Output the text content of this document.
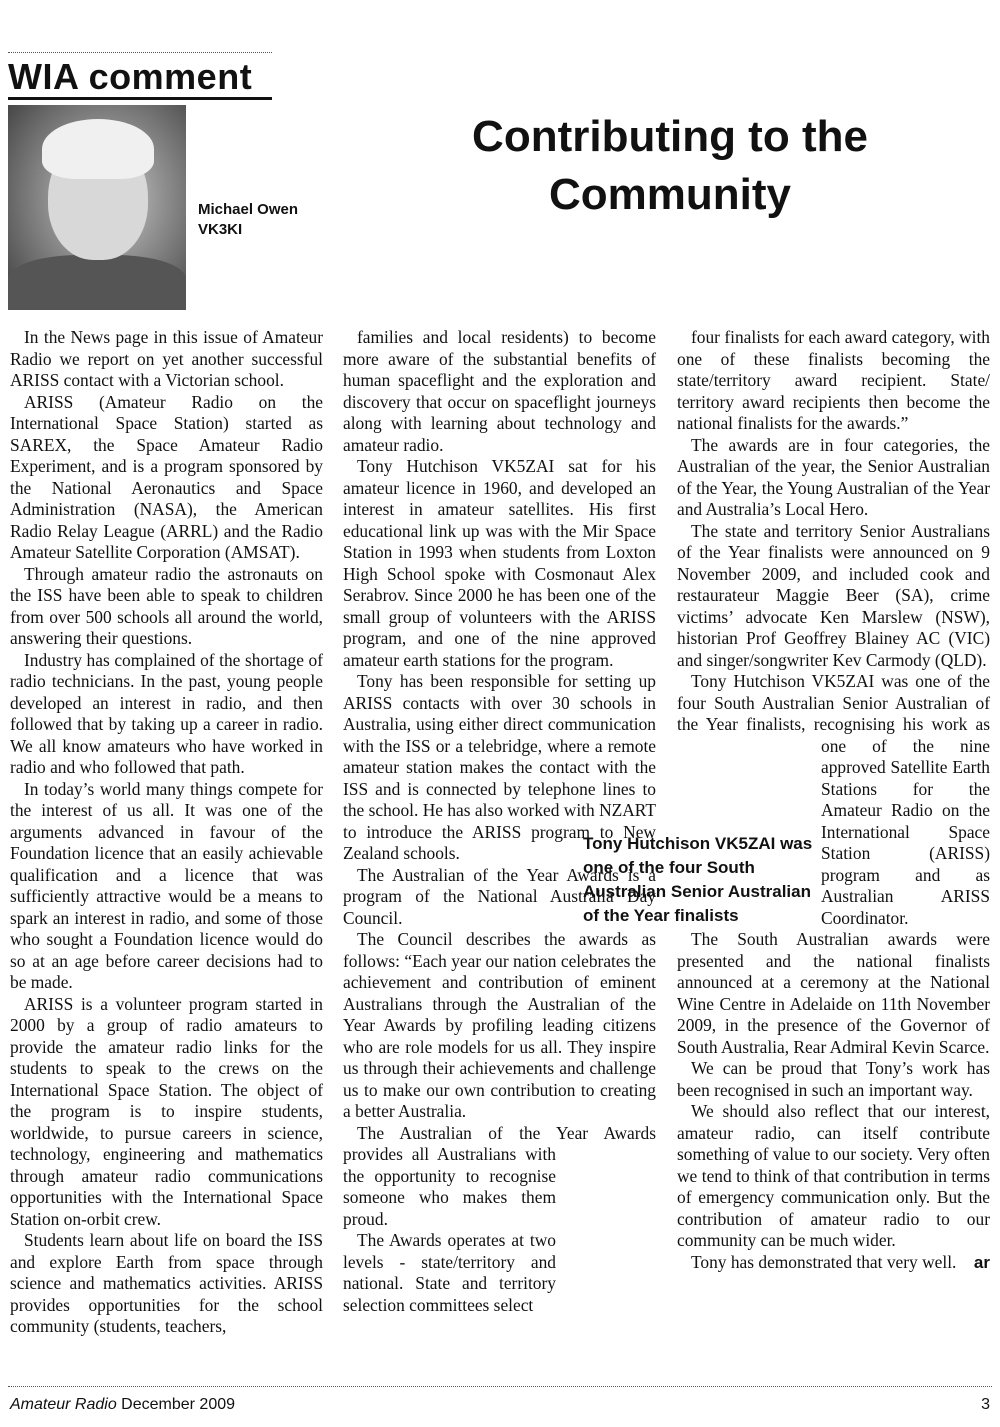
WIA comment
Michael Owen
VK3KI
Contributing to the Community

In the News page in this issue of Amateur Radio we report on yet another successful ARISS contact with a Victorian school.

ARISS (Amateur Radio on the International Space Station) started as SAREX, the Space Amateur Radio Experiment, and is a program sponsored by the National Aeronautics and Space Administration (NASA), the American Radio Relay League (ARRL) and the Radio Amateur Satellite Corporation (AMSAT).

Through amateur radio the astronauts on the ISS have been able to speak to children from over 500 schools all around the world, answering their questions.

Industry has complained of the shortage of radio technicians. In the past, young people developed an interest in radio, and then followed that by taking up a career in radio. We all know amateurs who have worked in radio and who followed that path.

In today’s world many things compete for the interest of us all. It was one of the arguments advanced in favour of the Foundation licence that an easily achievable qualification and a licence that was sufficiently attractive would be a means to spark an interest in radio, and some of those who sought a Foundation licence would do so at an age before career decisions had to be made.

ARISS is a volunteer program started in 2000 by a group of radio amateurs to provide the amateur radio links for the students to speak to the crews on the International Space Station. The object of the program is to inspire students, worldwide, to pursue careers in science, technology, engineering and mathematics through amateur radio communications opportunities with the International Space Station on-orbit crew.

Students learn about life on board the ISS and explore Earth from space through science and mathematics activities. ARISS provides opportunities for the school community (students, teachers,

families and local residents) to become more aware of the substantial benefits of human spaceflight and the exploration and discovery that occur on spaceflight journeys along with learning about technology and amateur radio.

Tony Hutchison VK5ZAI sat for his amateur licence in 1960, and developed an interest in amateur satellites. His first educational link up was with the Mir Space Station in 1993 when students from Loxton High School spoke with Cosmonaut Alex Serabrov. Since 2000 he has been one of the small group of volunteers with the ARISS program, and one of the nine approved amateur earth stations for the program.

Tony has been responsible for setting up ARISS contacts with over 30 schools in Australia, using either direct communication with the ISS or a telebridge, where a remote amateur station makes the contact with the ISS and is connected by telephone lines to the school. He has also worked with NZART to introduce the ARISS program to New Zealand schools.

The Australian of the Year Awards is a program of the National Australia Day Council.

The Council describes the awards as follows: “Each year our nation celebrates the achievement and contribution of eminent Australians through the Australian of the Year Awards by profiling leading citizens who are role models for us all. They inspire us through their achievements and challenge us to make our own contribution to creating a better Australia.

The Australian of the Year Awards provides all Australians with the opportunity to recognise someone who makes them proud.

The Awards operates at two levels - state/territory and national. State and territory selection committees select

four finalists for each award category, with one of these finalists becoming the state/territory award recipient. State/ territory award recipients then become the national finalists for the awards.”

The awards are in four categories, the Australian of the year, the Senior Australian of the Year, the Young Australian of the Year and Australia’s Local Hero.

The state and territory Senior Australians of the Year finalists were announced on 9 November 2009, and included cook and restaurateur Maggie Beer (SA), crime victims’ advocate Ken Marslew (NSW), historian Prof Geoffrey Blainey AC (VIC) and singer/songwriter Kev Carmody (QLD).

Tony Hutchison VK5ZAI was one of the four South Australian Senior Australian of the Year finalists, recognising his work as one of the nine approved Satellite Earth Stations for the Amateur Radio on the International Space Station (ARISS) program and as Australian ARISS Coordinator.

The South Australian awards were presented and the national finalists announced at a ceremony at the National Wine Centre in Adelaide on 11th November 2009, in the presence of the Governor of South Australia, Rear Admiral Kevin Scarce.

We can be proud that Tony’s work has been recognised in such an important way.

We should also reflect that our interest, amateur radio, can itself contribute something of value to our society. Very often we tend to think of that contribution in terms of emergency communication only. But the contribution of amateur radio to our community can be much wider.

Tony has demonstrated that very well.	ar

Tony Hutchison VK5ZAI was one of the four South Australian Senior Australian of the Year finalists
Amateur Radio December 2009	3
